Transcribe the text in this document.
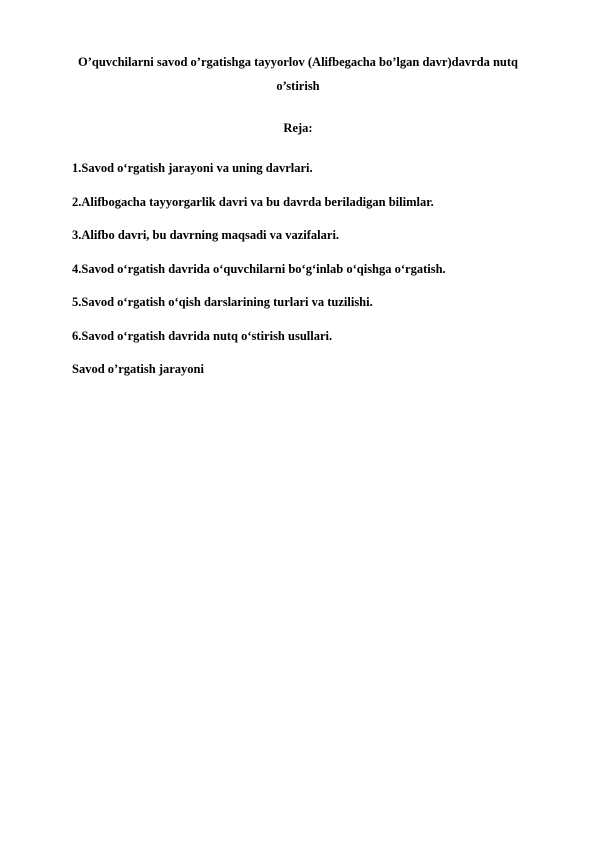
O’quvchilarni savod o’rgatishga tayyorlov (Alifbegacha bo’lgan davr)davrda nutq o’stirish

Reja:

1.Savod oʻrgatish jarayoni va uning davrlari.
2.Alifbogacha tayyorgarlik davri va bu davrda beriladigan bilimlar.
3.Alifbo davri, bu davrning maqsadi va vazifalari.
4.Savod oʻrgatish davrida oʻquvchilarni boʻgʻinlab oʻqishga oʻrgatish.
5.Savod oʻrgatish oʻqish darslarining turlari va tuzilishi.
6.Savod oʻrgatish davrida nutq oʻstirish usullari.

Savod o’rgatish jarayoni
